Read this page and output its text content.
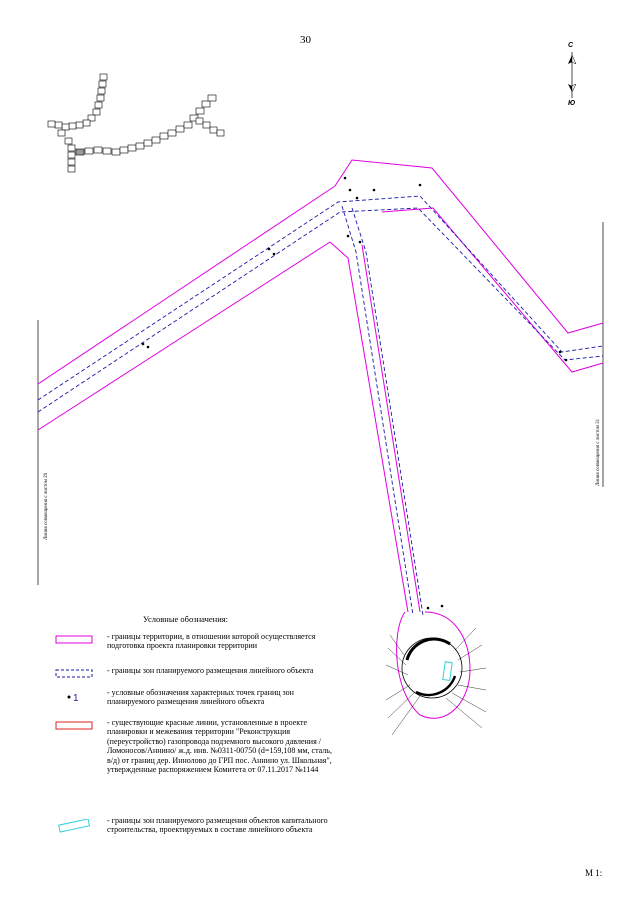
30
М 1:
С
Ю
Линия совмещения с листом 29
Линия совмещения с листом 31
Условные обозначения:
- границы территории, в отношении которой осуществляется подготовка проекта планировки территории
- границы зон планируемого размещения линейного объекта
1
- условные обозначения характерных точек границ зон планируемого размещения линейного объекта
- существующие красные линии, установленные в проекте планировки и межевания территории "Реконструкция (переустройство) газопровода подземного высокого давления /Ломоносов/Аннино/ ж.д. инв. №0311-00750 (d=159,108 мм, сталь, в/д) от границ дер. Иннолово до ГРП пос. Аннино ул. Школьная", утвержденные распоряжением Комитета от 07.11.2017 №1144
- границы зон планируемого размещения объектов капитального строительства, проектируемых в составе линейного объекта
